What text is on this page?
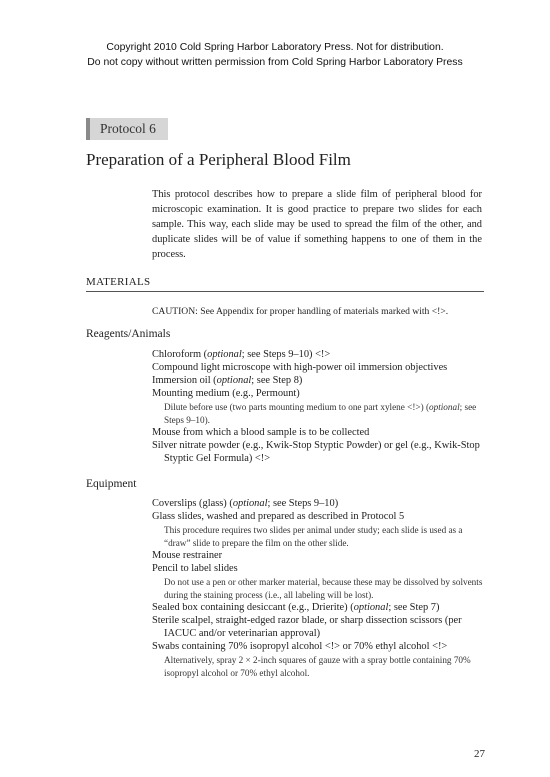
Copyright 2010 Cold Spring Harbor Laboratory Press. Not for distribution.
Do not copy without written permission from Cold Spring Harbor Laboratory Press
Protocol 6
Preparation of a Peripheral Blood Film
This protocol describes how to prepare a slide film of peripheral blood for microscopic examination. It is good practice to prepare two slides for each sample. This way, each slide may be used to spread the film of the other, and duplicate slides will be of value if something happens to one of them in the process.
MATERIALS
CAUTION: See Appendix for proper handling of materials marked with <!>.
Reagents/Animals
Chloroform (optional; see Steps 9–10) <!>
Compound light microscope with high-power oil immersion objectives
Immersion oil (optional; see Step 8)
Mounting medium (e.g., Permount)
Dilute before use (two parts mounting medium to one part xylene <!>) (optional; see Steps 9–10).
Mouse from which a blood sample is to be collected
Silver nitrate powder (e.g., Kwik-Stop Styptic Powder) or gel (e.g., Kwik-Stop Styptic Gel Formula) <!>
Equipment
Coverslips (glass) (optional; see Steps 9–10)
Glass slides, washed and prepared as described in Protocol 5
This procedure requires two slides per animal under study; each slide is used as a “draw” slide to prepare the film on the other slide.
Mouse restrainer
Pencil to label slides
Do not use a pen or other marker material, because these may be dissolved by solvents during the staining process (i.e., all labeling will be lost).
Sealed box containing desiccant (e.g., Drierite) (optional; see Step 7)
Sterile scalpel, straight-edged razor blade, or sharp dissection scissors (per IACUC and/or veterinarian approval)
Swabs containing 70% isopropyl alcohol <!> or 70% ethyl alcohol <!>
Alternatively, spray 2 × 2-inch squares of gauze with a spray bottle containing 70% isopropyl alcohol or 70% ethyl alcohol.
27
